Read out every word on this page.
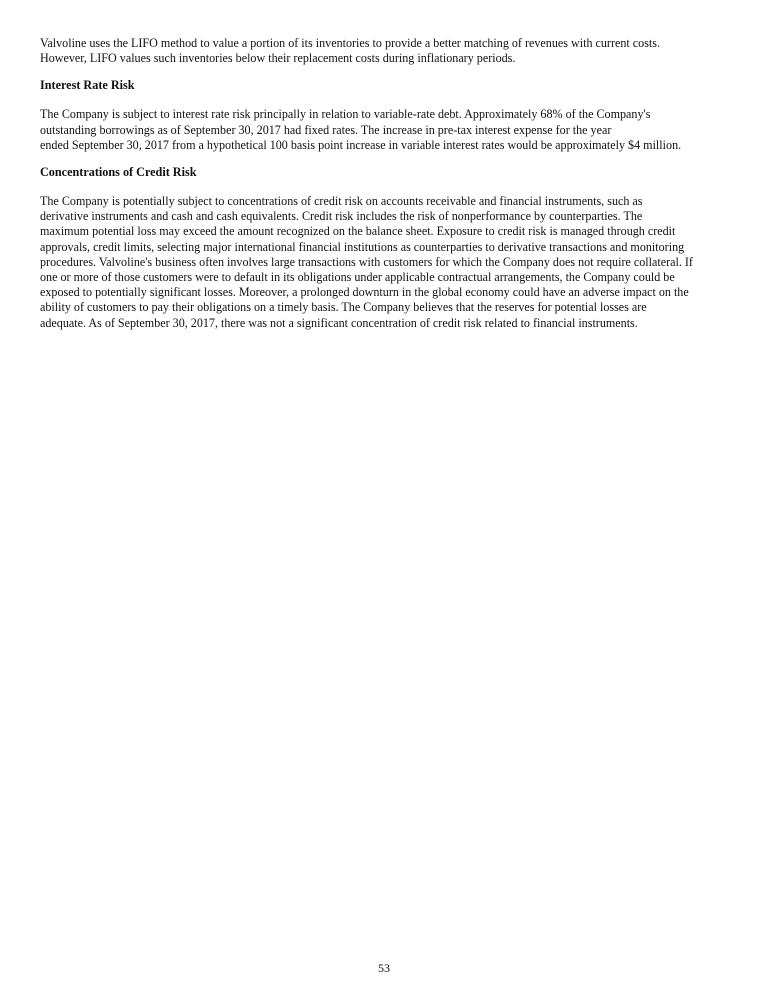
Valvoline uses the LIFO method to value a portion of its inventories to provide a better matching of revenues with current costs.
However, LIFO values such inventories below their replacement costs during inflationary periods.

Interest Rate Risk

The Company is subject to interest rate risk principally in relation to variable-rate debt. Approximately 68% of the Company's
outstanding borrowings as of September 30, 2017 had fixed rates. The increase in pre-tax interest expense for the year
ended September 30, 2017 from a hypothetical 100 basis point increase in variable interest rates would be approximately $4 million.

Concentrations of Credit Risk

The Company is potentially subject to concentrations of credit risk on accounts receivable and financial instruments, such as
derivative instruments and cash and cash equivalents. Credit risk includes the risk of nonperformance by counterparties. The
maximum potential loss may exceed the amount recognized on the balance sheet. Exposure to credit risk is managed through credit
approvals, credit limits, selecting major international financial institutions as counterparties to derivative transactions and monitoring
procedures. Valvoline's business often involves large transactions with customers for which the Company does not require collateral. If
one or more of those customers were to default in its obligations under applicable contractual arrangements, the Company could be
exposed to potentially significant losses. Moreover, a prolonged downturn in the global economy could have an adverse impact on the
ability of customers to pay their obligations on a timely basis. The Company believes that the reserves for potential losses are
adequate. As of September 30, 2017, there was not a significant concentration of credit risk related to financial instruments.

53
